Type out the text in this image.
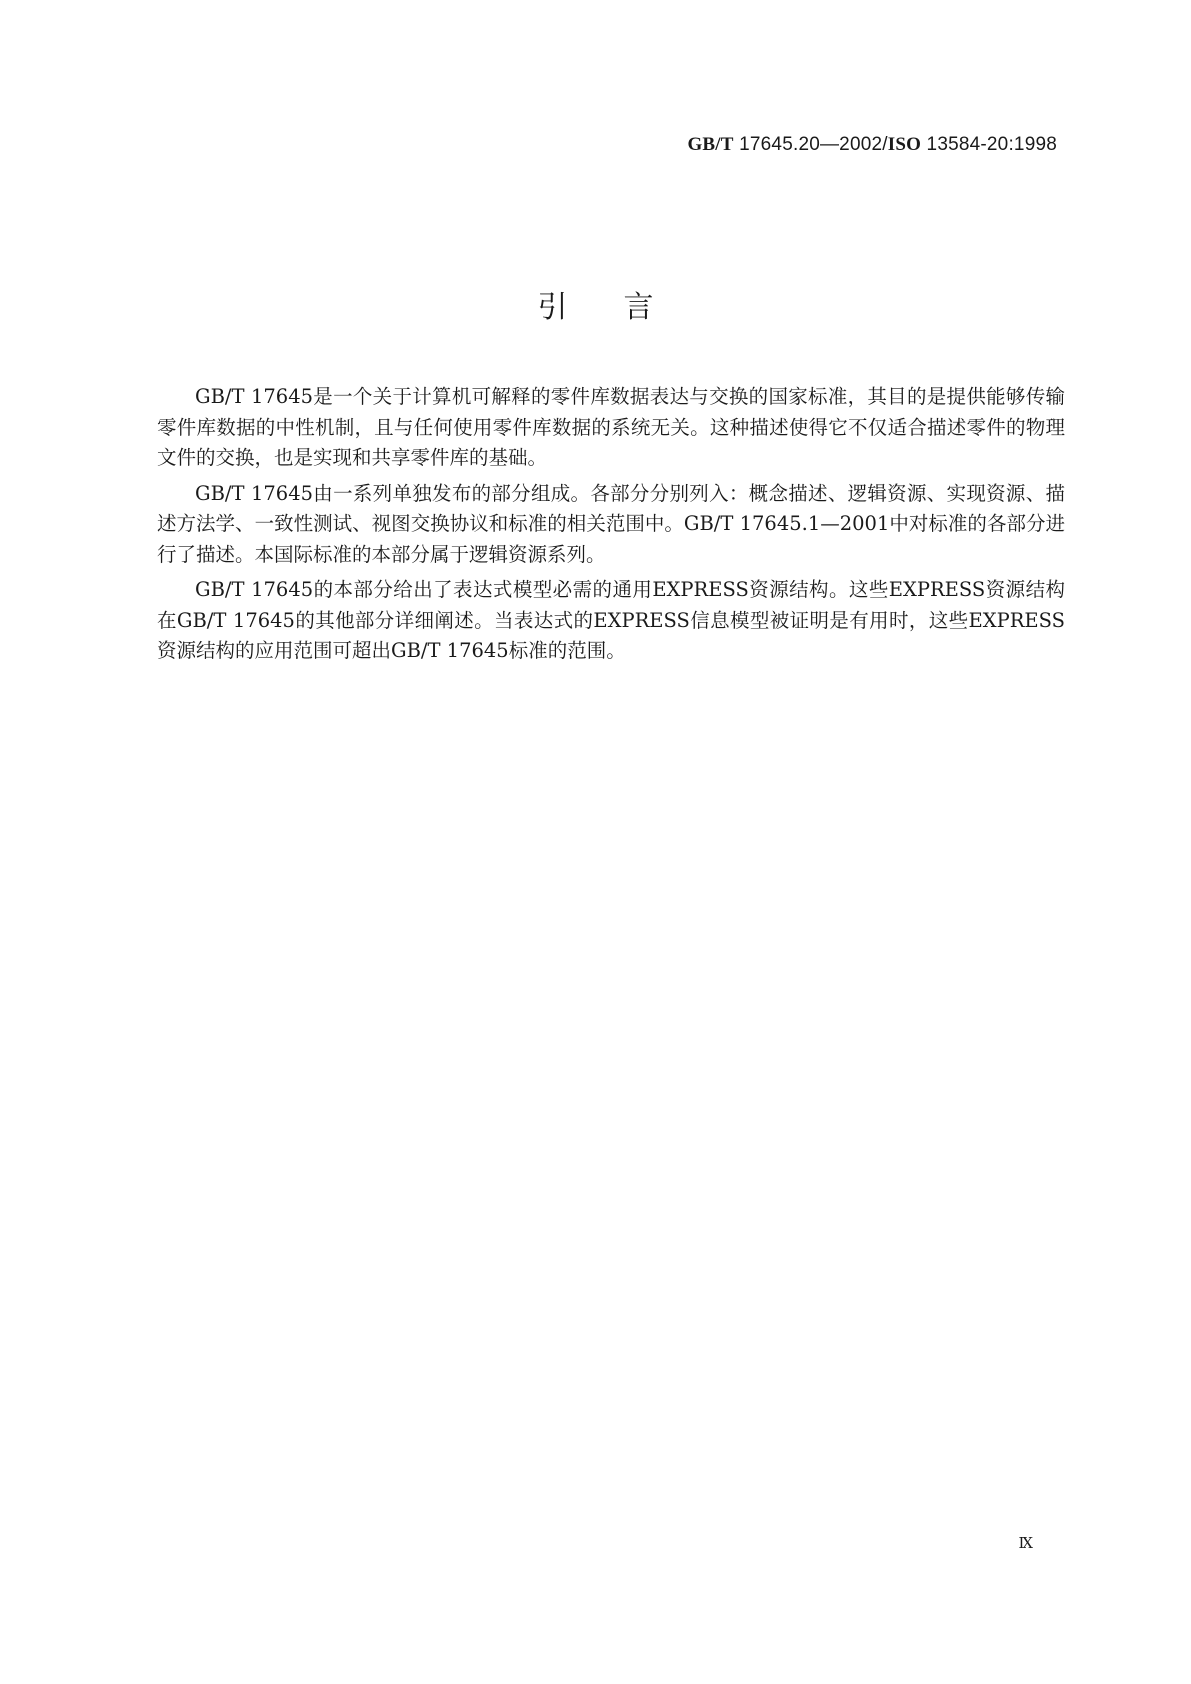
GB/T 17645.20—2002/ISO 13584-20:1998
引言

GB/T 17645是一个关于计算机可解释的零件库数据表达与交换的国家标准，其目的是提供能够传输零件库数据的中性机制，且与任何使用零件库数据的系统无关。这种描述使得它不仅适合描述零件的物理文件的交换，也是实现和共享零件库的基础。

GB/T 17645由一系列单独发布的部分组成。各部分分别列入：概念描述、逻辑资源、实现资源、描述方法学、一致性测试、视图交换协议和标准的相关范围中。GB/T 17645.1—2001中对标准的各部分进行了描述。本国际标准的本部分属于逻辑资源系列。

GB/T 17645的本部分给出了表达式模型必需的通用EXPRESS资源结构。这些EXPRESS资源结构在GB/T 17645的其他部分详细阐述。当表达式的EXPRESS信息模型被证明是有用时，这些EXPRESS资源结构的应用范围可超出GB/T 17645标准的范围。

Ⅸ
